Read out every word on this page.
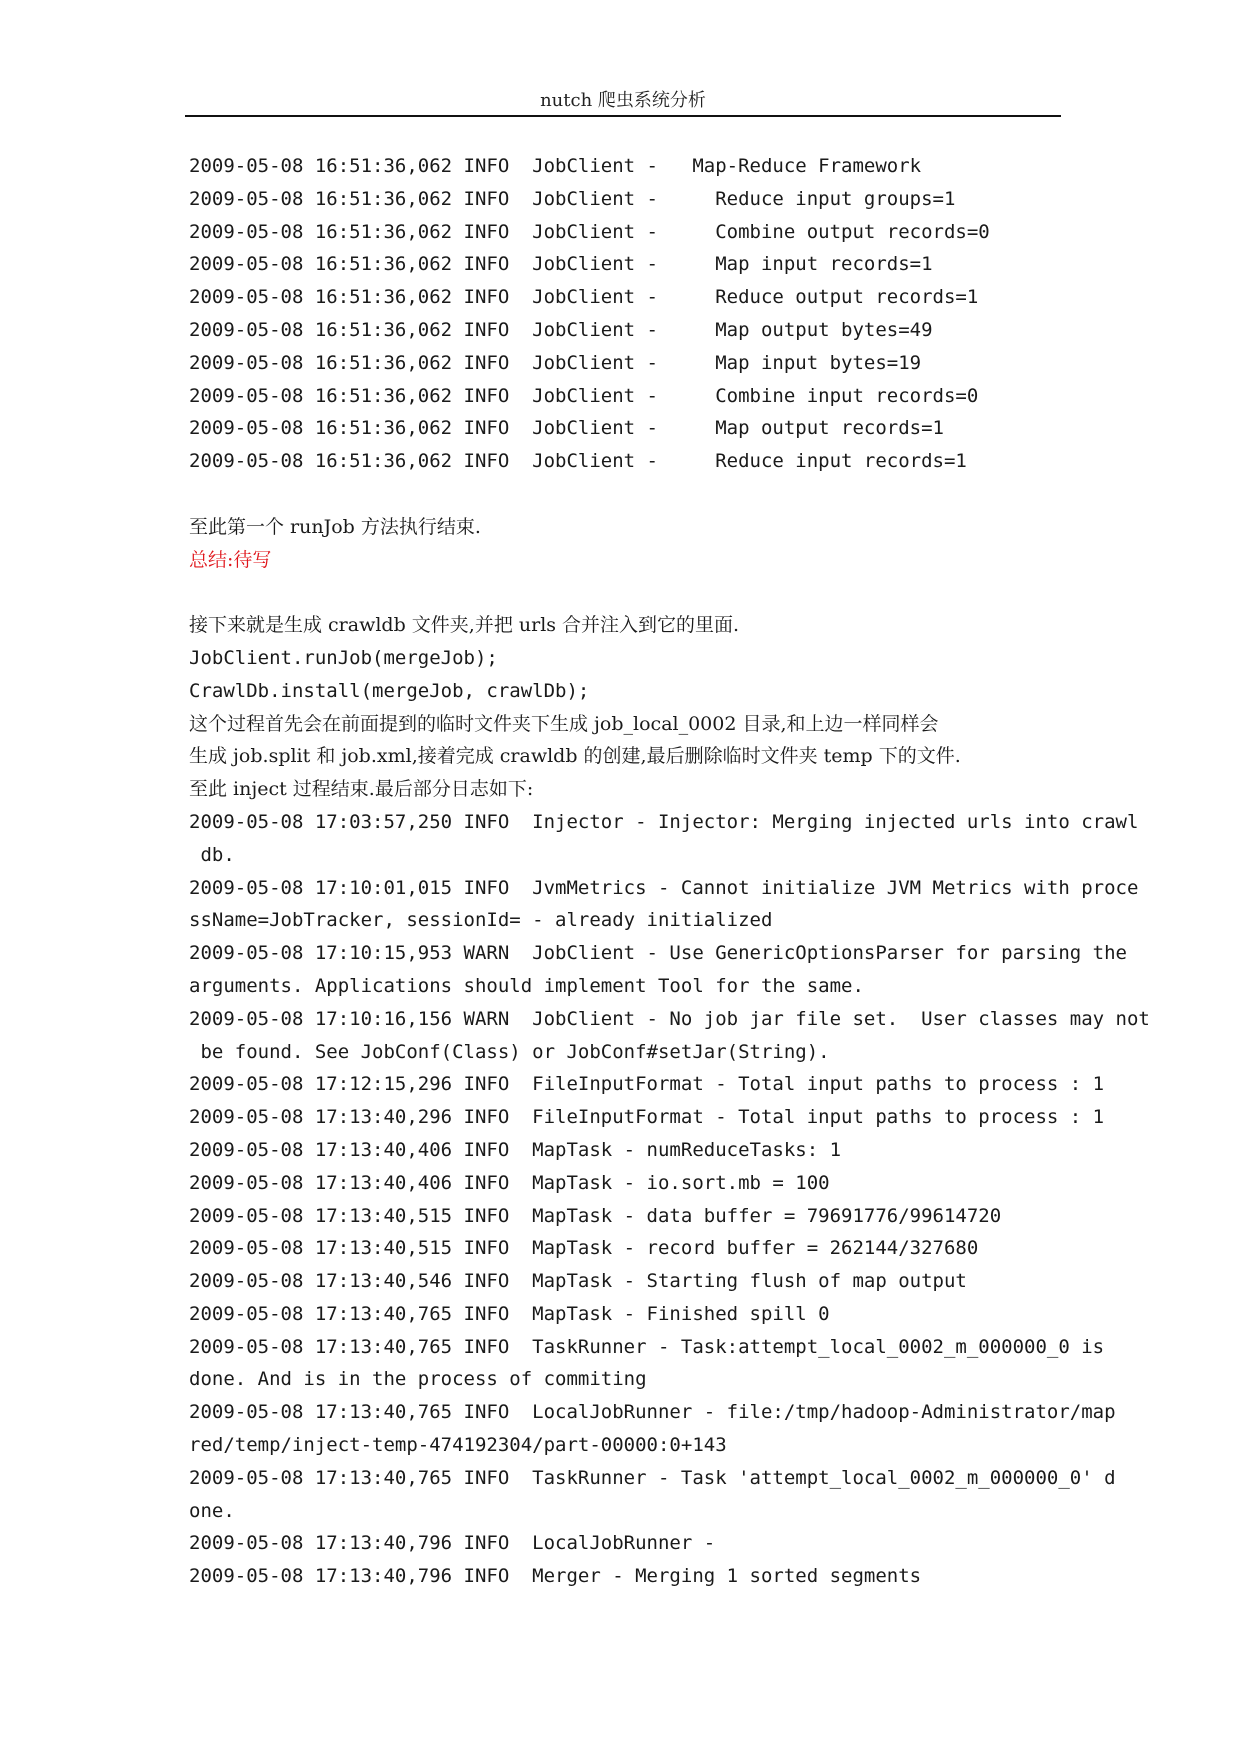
nutch 爬虫系统分析
2009-05-08 16:51:36,062 INFO  JobClient -   Map-Reduce Framework
2009-05-08 16:51:36,062 INFO  JobClient -     Reduce input groups=1
2009-05-08 16:51:36,062 INFO  JobClient -     Combine output records=0
2009-05-08 16:51:36,062 INFO  JobClient -     Map input records=1
2009-05-08 16:51:36,062 INFO  JobClient -     Reduce output records=1
2009-05-08 16:51:36,062 INFO  JobClient -     Map output bytes=49
2009-05-08 16:51:36,062 INFO  JobClient -     Map input bytes=19
2009-05-08 16:51:36,062 INFO  JobClient -     Combine input records=0
2009-05-08 16:51:36,062 INFO  JobClient -     Map output records=1
2009-05-08 16:51:36,062 INFO  JobClient -     Reduce input records=1
至此第一个 runJob 方法执行结束.
总结:待写
接下来就是生成 crawldb 文件夹,并把 urls 合并注入到它的里面.
JobClient.runJob(mergeJob);
CrawlDb.install(mergeJob, crawlDb);
这个过程首先会在前面提到的临时文件夹下生成 job_local_0002 目录,和上边一样同样会
生成 job.split 和 job.xml,接着完成 crawldb 的创建,最后删除临时文件夹 temp 下的文件.
至此 inject 过程结束.最后部分日志如下:
2009-05-08 17:03:57,250 INFO  Injector - Injector: Merging injected urls into crawl
db.
2009-05-08 17:10:01,015 INFO  JvmMetrics - Cannot initialize JVM Metrics with proce
ssName=JobTracker, sessionId= - already initialized
2009-05-08 17:10:15,953 WARN  JobClient - Use GenericOptionsParser for parsing the
arguments. Applications should implement Tool for the same.
2009-05-08 17:10:16,156 WARN  JobClient - No job jar file set.  User classes may not
be found. See JobConf(Class) or JobConf#setJar(String).
2009-05-08 17:12:15,296 INFO  FileInputFormat - Total input paths to process : 1
2009-05-08 17:13:40,296 INFO  FileInputFormat - Total input paths to process : 1
2009-05-08 17:13:40,406 INFO  MapTask - numReduceTasks: 1
2009-05-08 17:13:40,406 INFO  MapTask - io.sort.mb = 100
2009-05-08 17:13:40,515 INFO  MapTask - data buffer = 79691776/99614720
2009-05-08 17:13:40,515 INFO  MapTask - record buffer = 262144/327680
2009-05-08 17:13:40,546 INFO  MapTask - Starting flush of map output
2009-05-08 17:13:40,765 INFO  MapTask - Finished spill 0
2009-05-08 17:13:40,765 INFO  TaskRunner - Task:attempt_local_0002_m_000000_0 is
done. And is in the process of commiting
2009-05-08 17:13:40,765 INFO  LocalJobRunner - file:/tmp/hadoop-Administrator/map
red/temp/inject-temp-474192304/part-00000:0+143
2009-05-08 17:13:40,765 INFO  TaskRunner - Task 'attempt_local_0002_m_000000_0' d
one.
2009-05-08 17:13:40,796 INFO  LocalJobRunner -
2009-05-08 17:13:40,796 INFO  Merger - Merging 1 sorted segments
